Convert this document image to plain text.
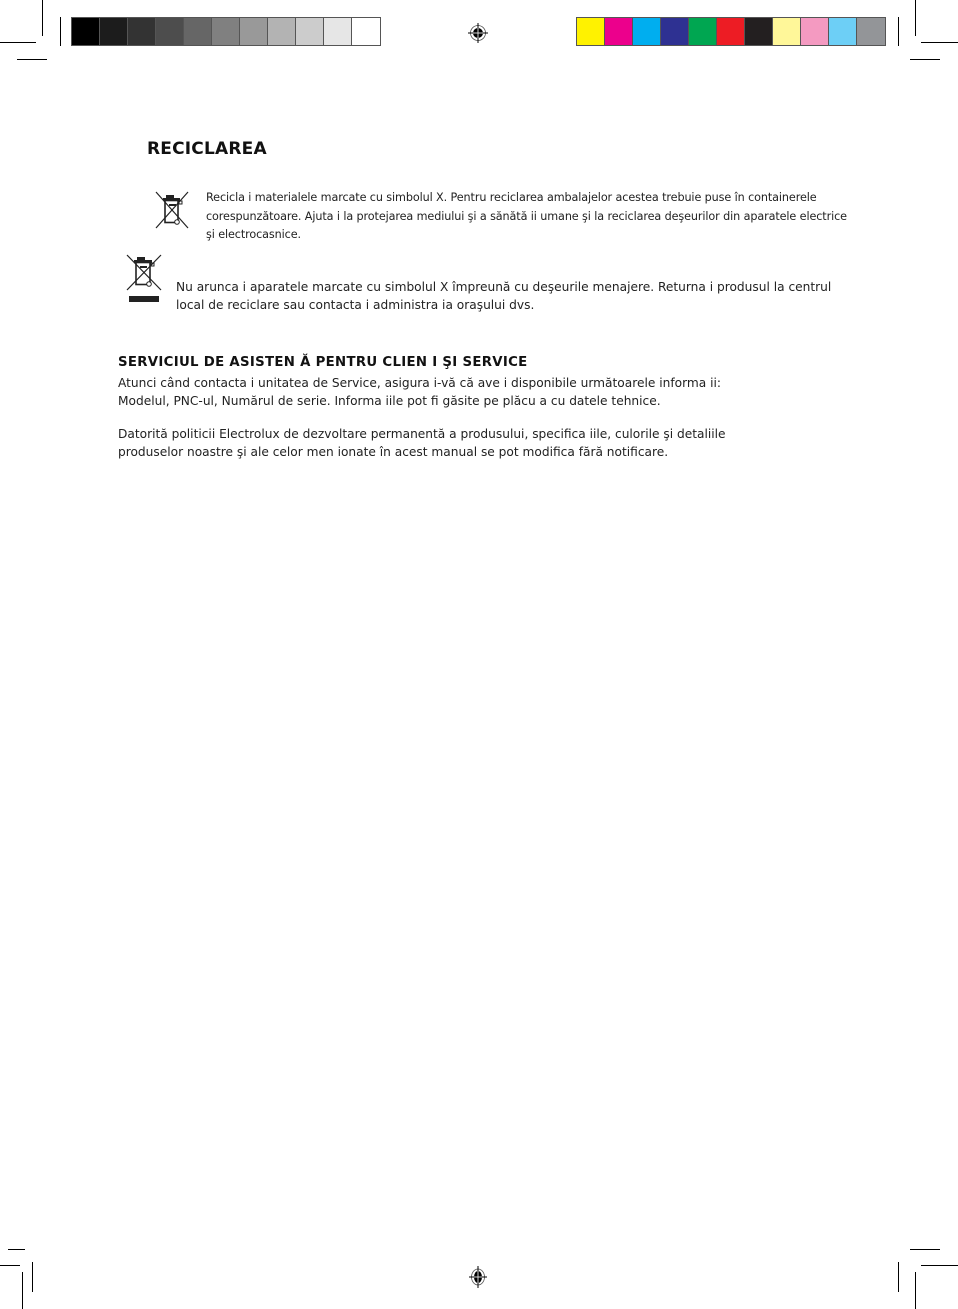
RECICLAREA

Recicla i materialele marcate cu simbolul X. Pentru reciclarea ambalajelor acestea trebuie puse în containerele
corespunzătoare. Ajuta i la protejarea mediului şi a sănătă ii umane şi la reciclarea deşeurilor din aparatele electrice
şi electrocasnice.

Nu arunca i aparatele marcate cu simbolul X împreună cu deşeurile menajere. Returna i produsul la centrul
local de reciclare sau contacta i administra ia oraşului dvs.

SERVICIUL DE ASISTEN Ă PENTRU CLIEN I ŞI SERVICE

Atunci când contacta i unitatea de Service, asigura i-vă că ave i disponibile următoarele informa ii:
Modelul, PNC-ul, Numărul de serie. Informa iile pot fi găsite pe plăcu a cu datele tehnice.

Datorită politicii Electrolux de dezvoltare permanentă a produsului, specifica iile, culorile şi detaliile
produselor noastre şi ale celor men ionate în acest manual se pot modifica fără notificare.
